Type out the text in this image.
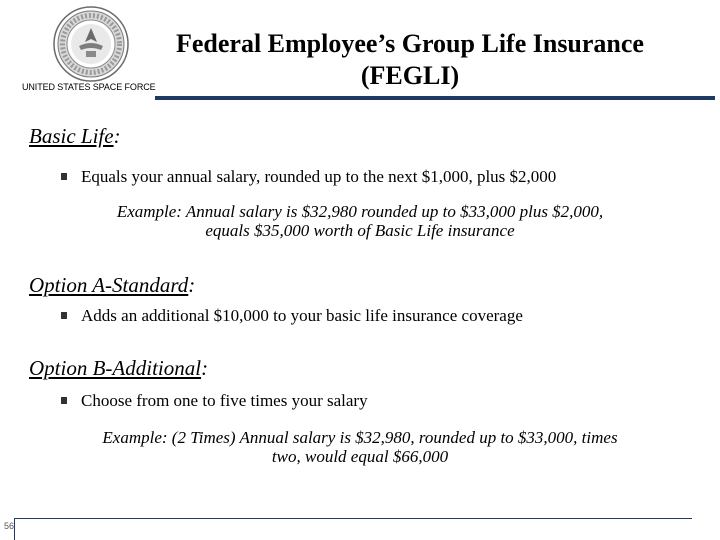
UNITED STATES SPACE FORCE
Federal Employee’s Group Life Insurance
(FEGLI)
Basic Life:
Equals your annual salary, rounded up to the next $1,000, plus $2,000
Example: Annual salary is $32,980 rounded up to $33,000 plus $2,000,
equals $35,000 worth of Basic Life insurance
Option A-Standard:
Adds an additional $10,000 to your basic life insurance coverage
Option B-Additional:
Choose from one to five times your salary
Example: (2 Times) Annual salary is $32,980, rounded up to $33,000, times
two, would equal $66,000
56
